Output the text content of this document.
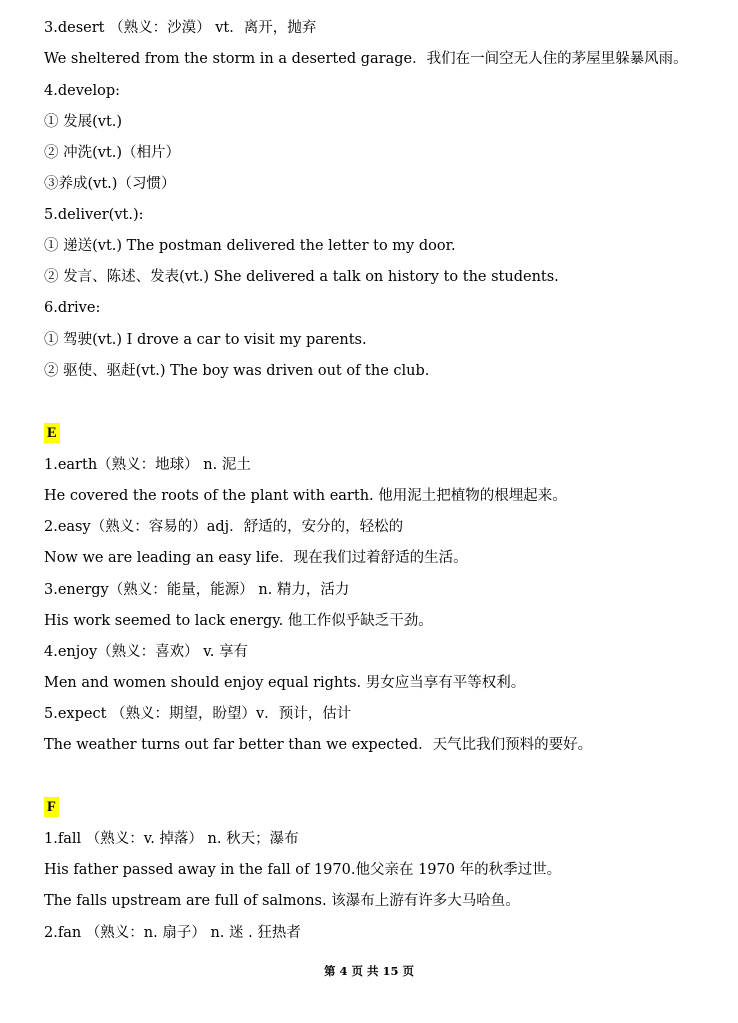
3.desert （熟义：沙漠） vt．离开，抛弃
We sheltered from the storm in a deserted garage．我们在一间空无人住的茅屋里躲暴风雨。
4.develop:
① 发展(vt.)
② 冲洗(vt.)（相片）
③养成(vt.)（习惯）
5.deliver(vt.):
① 递送(vt.) The postman delivered the letter to my door.
② 发言、陈述、发表(vt.) She delivered a talk on history to the students.
6.drive:
① 驾驶(vt.) I drove a car to visit my parents.
② 驱使、驱赶(vt.) The boy was driven out of the club.
E
1.earth（熟义：地球） n. 泥土
He covered the roots of the plant with earth. 他用泥土把植物的根埋起来。
2.easy（熟义：容易的）adj．舒适的，安分的，轻松的
Now we are leading an easy life．现在我们过着舒适的生活。
3.energy（熟义：能量，能源） n. 精力，活力
His work seemed to lack energy. 他工作似乎缺乏干劲。
4.enjoy（熟义：喜欢） v. 享有
Men and women should enjoy equal rights. 男女应当享有平等权利。
5.expect （熟义：期望，盼望）v．预计，估计
The weather turns out far better than we expected．天气比我们预料的要好。
F
1.fall （熟义：v. 掉落） n. 秋天；瀑布
His father passed away in the fall of 1970.他父亲在 1970 年的秋季过世。
The falls upstream are full of salmons. 该瀑布上游有许多大马哈鱼。
2.fan （熟义：n. 扇子） n. 迷 . 狂热者
第 4 页 共 15 页
